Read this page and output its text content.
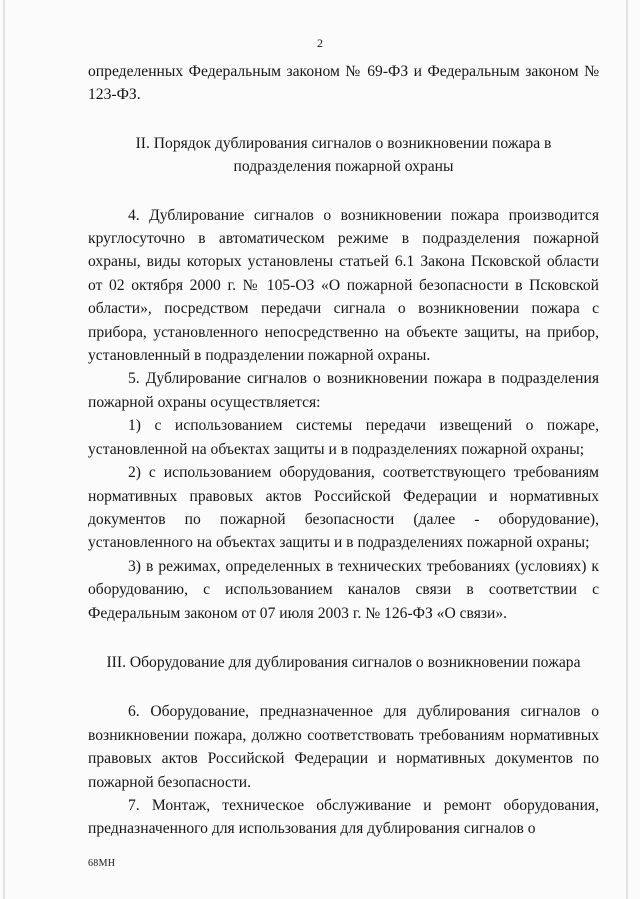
2

определенных Федеральным законом № 69-ФЗ и Федеральным законом № 123-ФЗ.

II. Порядок дублирования сигналов о возникновении пожара в подразделения пожарной охраны

4. Дублирование сигналов о возникновении пожара производится круглосуточно в автоматическом режиме в подразделения пожарной охраны, виды которых установлены статьей 6.1 Закона Псковской области от 02 октября 2000 г. № 105-ОЗ «О пожарной безопасности в Псковской области», посредством передачи сигнала о возникновении пожара с прибора, установленного непосредственно на объекте защиты, на прибор, установленный в подразделении пожарной охраны.

5. Дублирование сигналов о возникновении пожара в подразделения пожарной охраны осуществляется:

1) с использованием системы передачи извещений о пожаре, установленной на объектах защиты и в подразделениях пожарной охраны;

2) с использованием оборудования, соответствующего требованиям нормативных правовых актов Российской Федерации и нормативных документов по пожарной безопасности (далее - оборудование), установленного на объектах защиты и в подразделениях пожарной охраны;

3) в режимах, определенных в технических требованиях (условиях) к оборудованию, с использованием каналов связи в соответствии с Федеральным законом от 07 июля 2003 г. № 126-ФЗ «О связи».

III. Оборудование для дублирования сигналов о возникновении пожара

6. Оборудование, предназначенное для дублирования сигналов о возникновении пожара, должно соответствовать требованиям нормативных правовых актов Российской Федерации и нормативных документов по пожарной безопасности.

7. Монтаж, техническое обслуживание и ремонт оборудования, предназначенного для использования для дублирования сигналов о

68МН
